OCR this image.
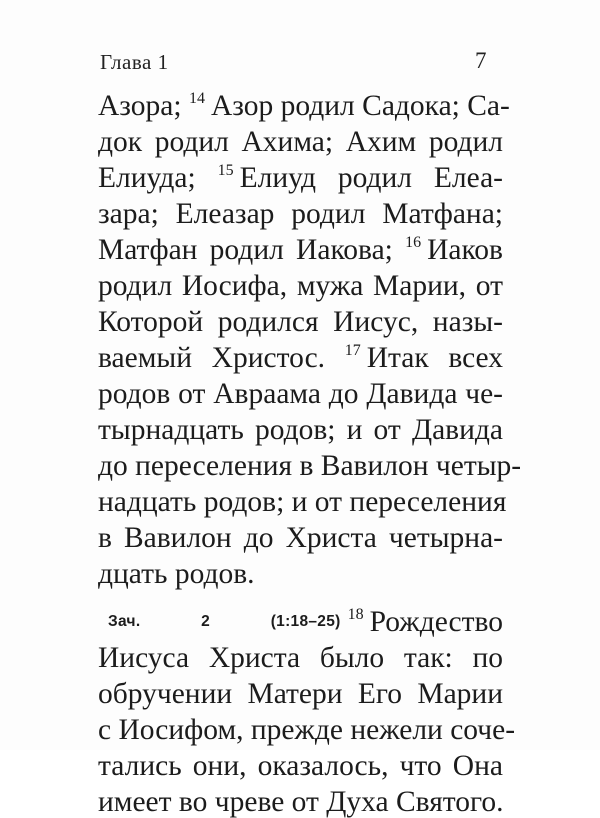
Глава 1	7
Азора; $^{14}$ Азор родил Садока; Са-
док родил Ахима; Ахим родил
Елиуда; $^{15}$ Елиуд родил Елеа-
зара; Елеазар родил Матфана;
Матфан родил Иакова; $^{16}$ Иаков
родил Иосифа, мужа Марии, от
Которой родился Иисус, назы-
ваемый Христос. $^{17}$ Итак всех
родов от Авраама до Давида че-
тырнадцать родов; и от Давида
до переселения в Вавилон четыр-
надцать родов; и от переселения
в Вавилон до Христа четырна-
дцать родов.
Зач. 2 (1:18–25) $^{18}$ Рождество
Иисуса Христа было так: по
обручении Матери Его Марии
с Иосифом, прежде нежели соче-
тались они, оказалось, что Она
имеет во чреве от Духа Святого.
